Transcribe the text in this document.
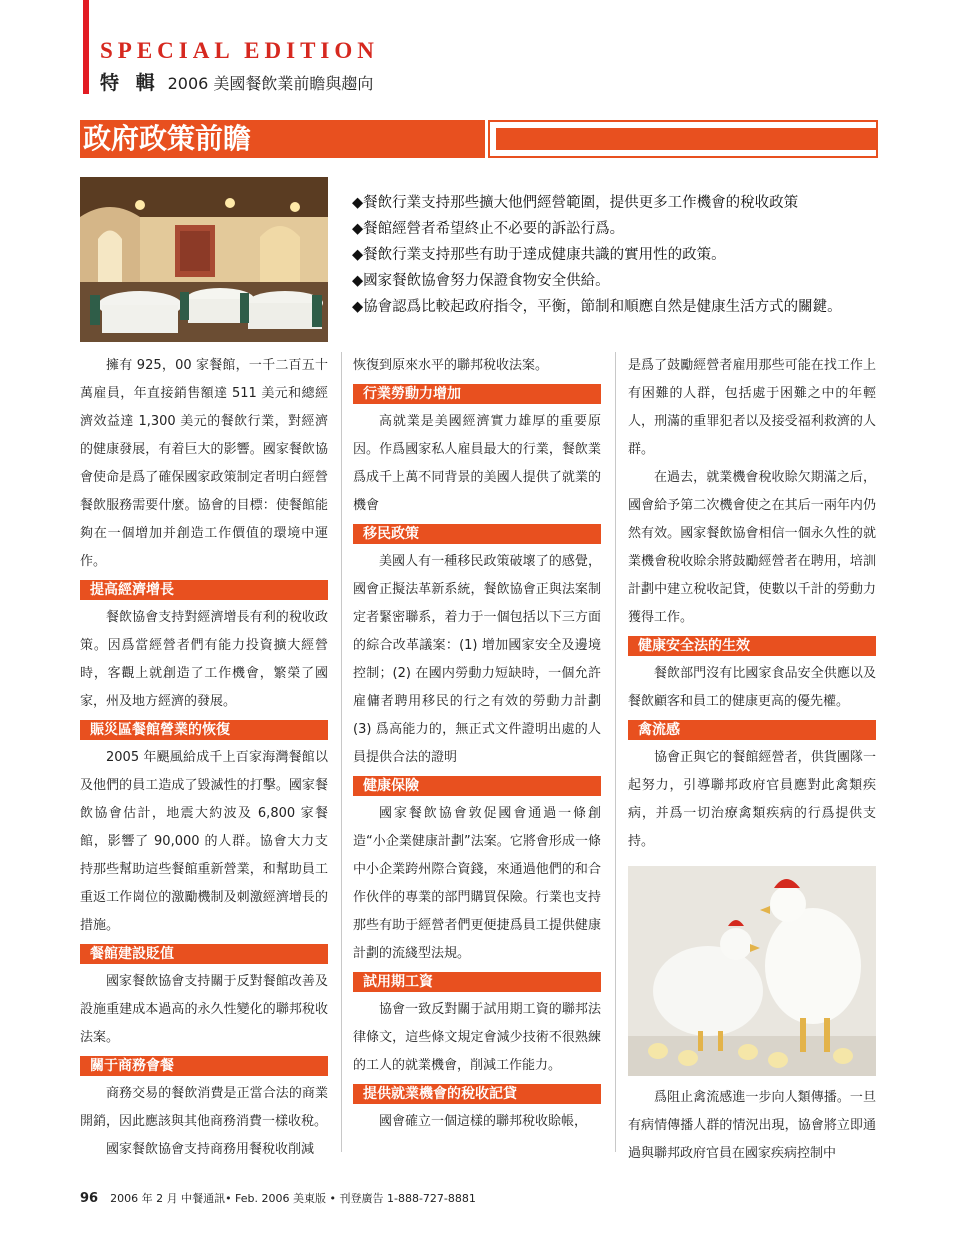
SPECIAL EDITION
特 輯 2006 美國餐飲業前瞻與趨向
政府政策前瞻
◆餐飲行業支持那些擴大他們經營範圍，提供更多工作機會的稅收政策
◆餐館經營者希望終止不必要的訴訟行爲。
◆餐飲行業支持那些有助于達成健康共識的實用性的政策。
◆國家餐飲協會努力保證食物安全供給。
◆協會認爲比較起政府指令，平衡，節制和順應自然是健康生活方式的關鍵。

擁有 925，00 家餐館，一千二百五十萬雇員，年直接銷售額達 511 美元和總經濟效益達 1,300 美元的餐飲行業，對經濟的健康發展，有着巨大的影響。國家餐飲協會使命是爲了確保國家政策制定者明白經營餐飲服務需要什麼。協會的目標：使餐館能夠在一個增加并創造工作價值的環境中運作。

提高經濟增長

餐飲協會支持對經濟增長有利的稅收政策。因爲當經營者們有能力投資擴大經營時，客觀上就創造了工作機會，繁榮了國家，州及地方經濟的發展。

賑災區餐館營業的恢復

2005 年颶風給成千上百家海灣餐館以及他們的員工造成了毀滅性的打擊。國家餐飲協會估計，地震大約波及 6,800 家餐館，影響了 90,000 的人群。協會大力支持那些幫助這些餐館重新營業，和幫助員工重返工作崗位的激勵機制及刺激經濟增長的措施。

餐館建設貶值

國家餐飲協會支持關于反對餐館改善及設施重建成本過高的永久性變化的聯邦稅收法案。

關于商務會餐

商務交易的餐飲消費是正當合法的商業開銷，因此應該與其他商務消費一樣收稅。

國家餐飲協會支持商務用餐稅收削減

恢復到原來水平的聯邦稅收法案。

行業勞動力增加

高就業是美國經濟實力雄厚的重要原因。作爲國家私人雇員最大的行業，餐飲業爲成千上萬不同背景的美國人提供了就業的機會

移民政策

美國人有一種移民政策破壞了的感覺，國會正擬法革新系統，餐飲協會正與法案制定者緊密聯系，着力于一個包括以下三方面的綜合改革議案：(1) 增加國家安全及邊境控制；(2) 在國内勞動力短缺時，一個允許雇傭者聘用移民的行之有效的勞動力計劃 (3) 爲高能力的，無正式文件證明出處的人員提供合法的證明

健康保險

國家餐飲協會敦促國會通過一條創造“小企業健康計劃”法案。它將會形成一條中小企業跨州際合資錢，來通過他們的和合作伙伴的專業的部門購買保險。行業也支持那些有助于經營者們更便捷爲員工提供健康計劃的流綫型法規。

試用期工資

協會一致反對關于試用期工資的聯邦法律條文，這些條文規定會減少技術不很熟練的工人的就業機會，削減工作能力。

提供就業機會的稅收記貸

國會確立一個這樣的聯邦稅收賒帳，

是爲了鼓勵經營者雇用那些可能在找工作上有困難的人群，包括處于困難之中的年輕人，刑滿的重罪犯者以及接受福利救濟的人群。

在過去，就業機會稅收賒欠期滿之后，國會給予第二次機會使之在其后一兩年内仍然有效。國家餐飲協會相信一個永久性的就業機會稅收賒余將鼓勵經營者在聘用，培訓計劃中建立稅收記貸，使數以千計的勞動力獲得工作。

健康安全法的生效

餐飲部門沒有比國家食品安全供應以及餐飲顧客和員工的健康更高的優先權。

禽流感

協會正與它的餐館經營者，供貨團隊一起努力，引導聯邦政府官員應對此禽類疾病，并爲一切治療禽類疾病的行爲提供支持。

爲阻止禽流感進一步向人類傳播。一旦有病情傳播人群的情況出現，協會將立即通過與聯邦政府官員在國家疾病控制中

96 2006 年 2 月 中餐通訊• Feb. 2006 美東版 • 刊登廣告 1-888-727-8881
